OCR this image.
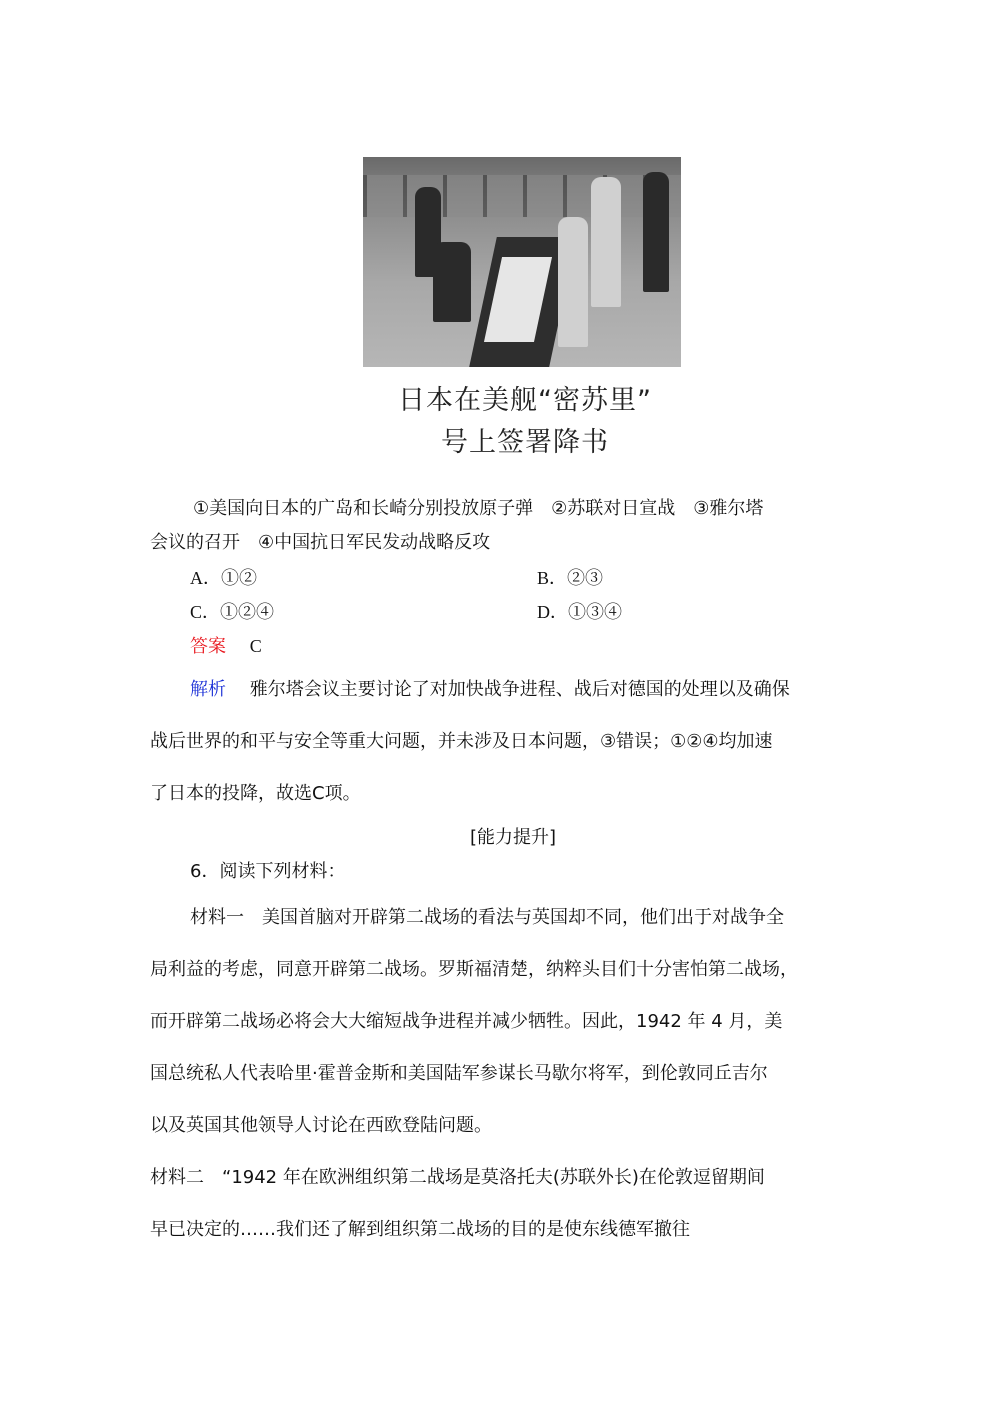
日本在美舰“密苏里”
号上签署降书
①美国向日本的广岛和长崎分别投放原子弹　②苏联对日宣战　③雅尔塔
会议的召开　④中国抗日军民发动战略反攻
A．①②	B．②③
C．①②④	D．①③④
答案 C
解析 雅尔塔会议主要讨论了对加快战争进程、战后对德国的处理以及确保
战后世界的和平与安全等重大问题，并未涉及日本问题，③错误；①②④均加速
了日本的投降，故选C项。
[能力提升]
6．阅读下列材料：
材料一　美国首脑对开辟第二战场的看法与英国却不同，他们出于对战争全
局利益的考虑，同意开辟第二战场。罗斯福清楚，纳粹头目们十分害怕第二战场，
而开辟第二战场必将会大大缩短战争进程并减少牺牲。因此，1942 年 4 月，美
国总统私人代表哈里·霍普金斯和美国陆军参谋长马歇尔将军，到伦敦同丘吉尔
以及英国其他领导人讨论在西欧登陆问题。
材料二　“1942 年在欧洲组织第二战场是莫洛托夫(苏联外长)在伦敦逗留期间
早已决定的……我们还了解到组织第二战场的目的是使东线德军撤往
